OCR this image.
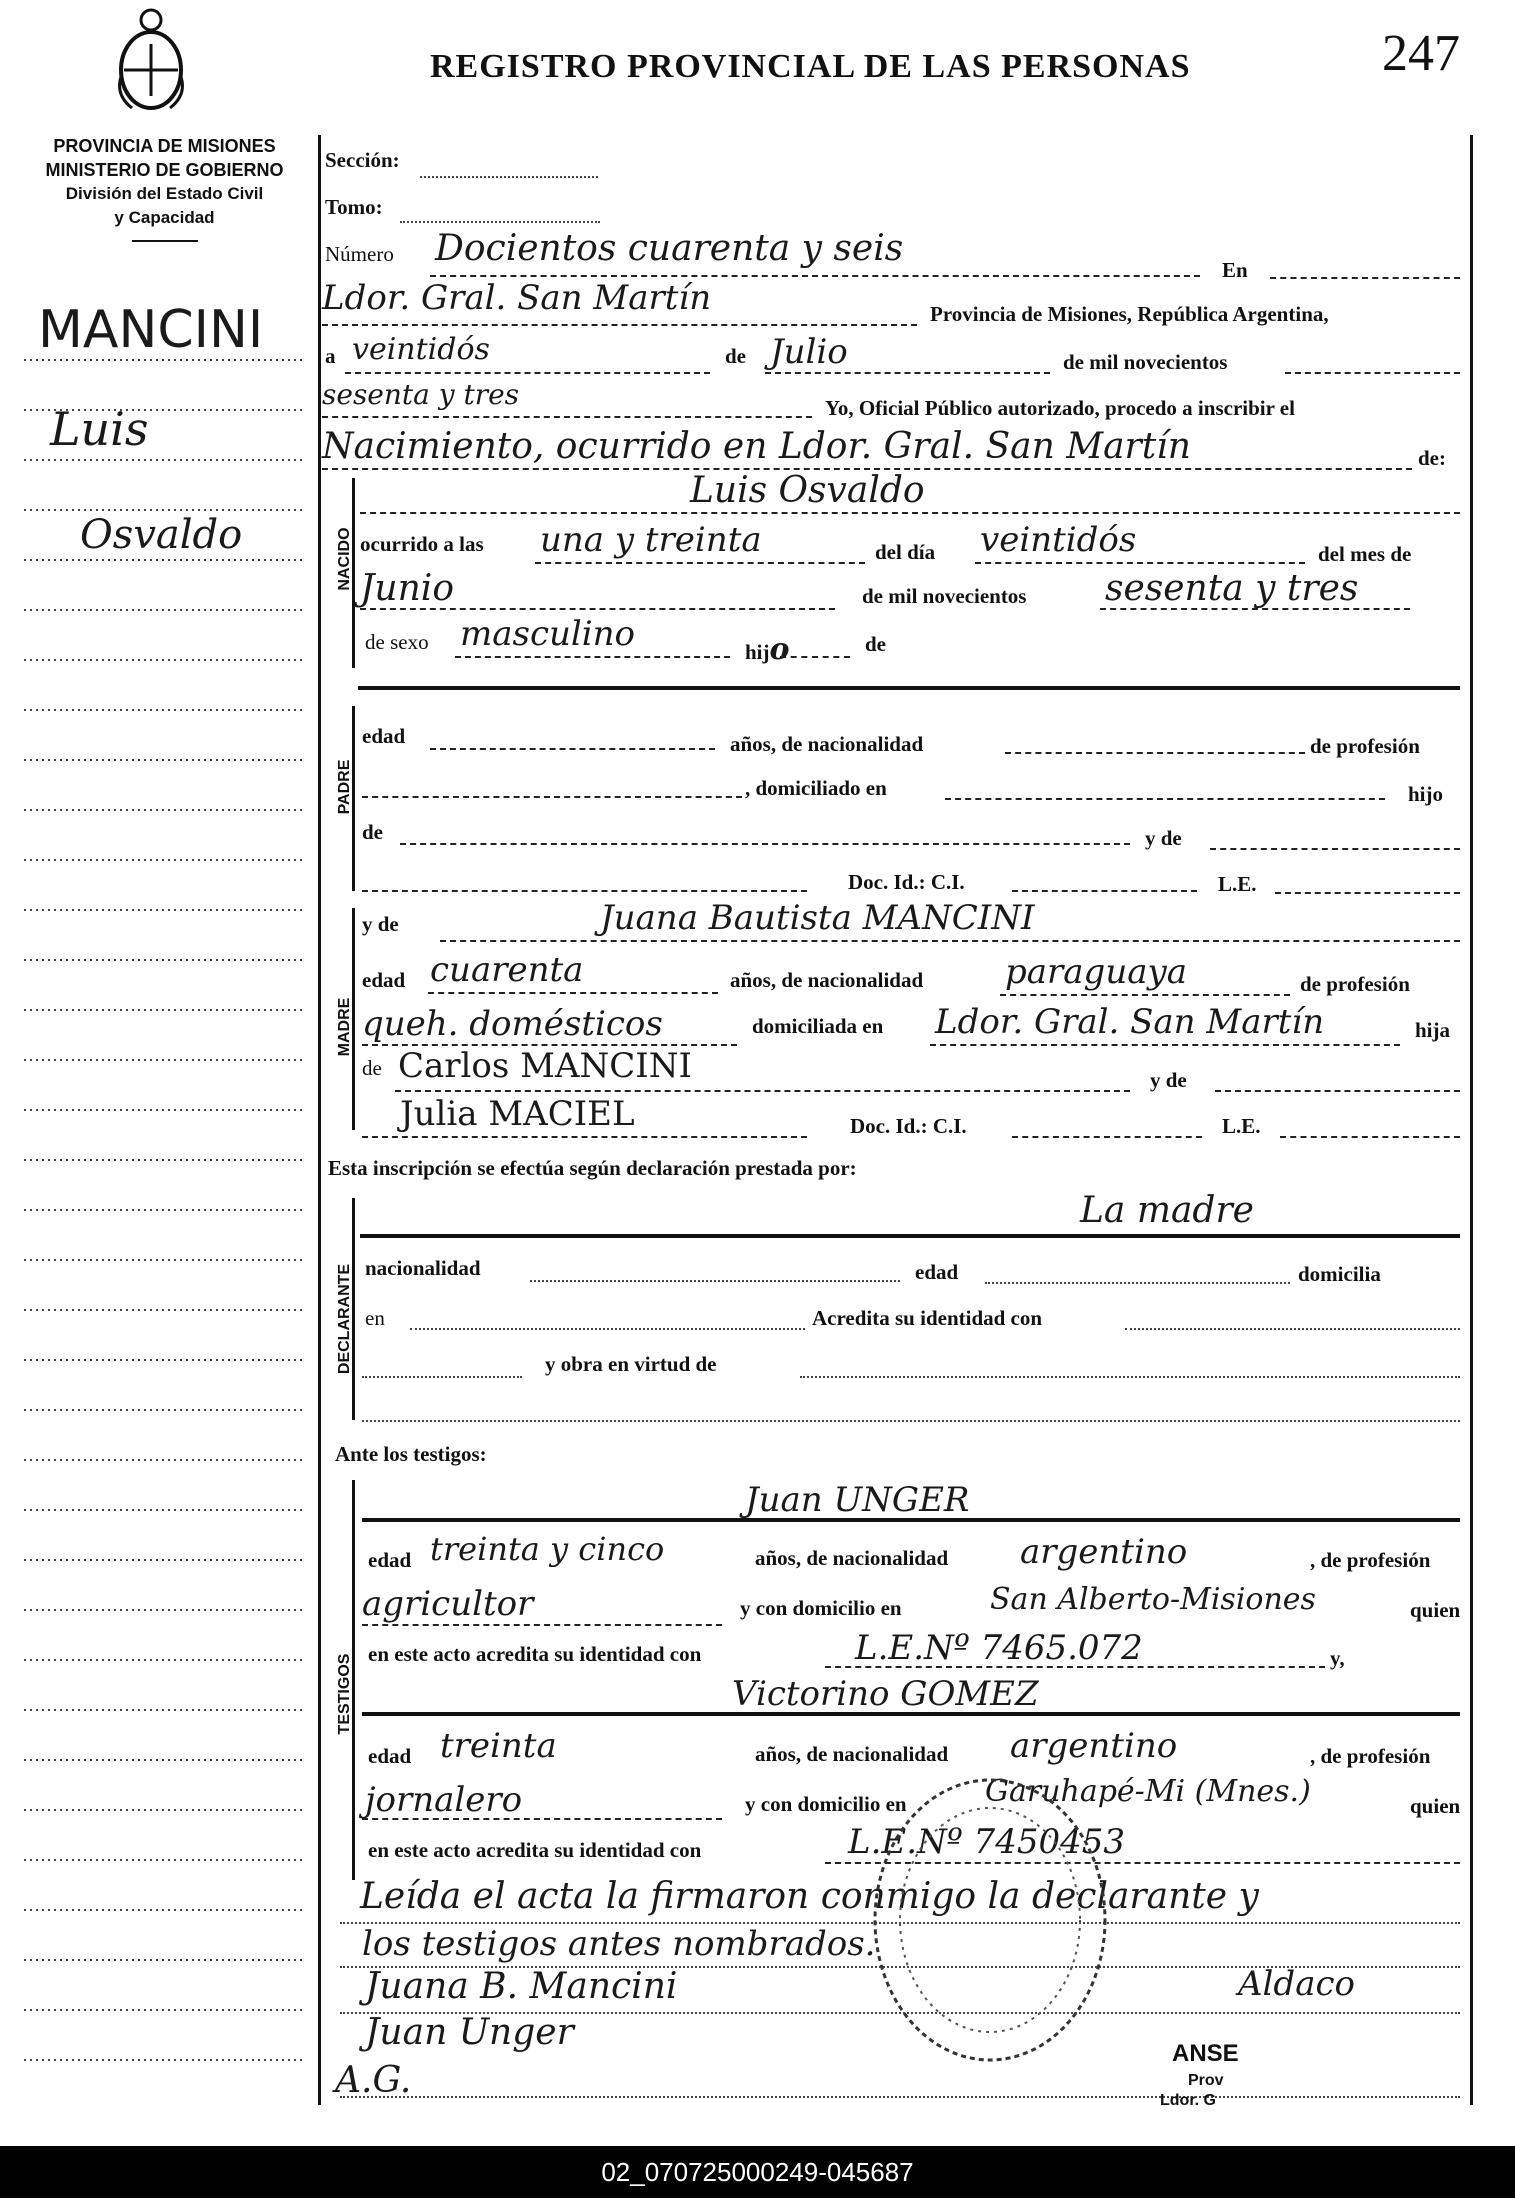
REGISTRO PROVINCIAL DE LAS PERSONAS	247
PROVINCIA DE MISIONES
MINISTERIO DE GOBIERNO
División del Estado Civil
y Capacidad
MANCINI
Luis
Osvaldo
Sección:
Tomo:
Número Docientos cuarenta y seis
En
Ldor. Gral. San Martín	Provincia de Misiones, República Argentina,
a veintidós	de Julio	de mil novecientos
sesenta y tres	Yo, Oficial Público autorizado, procedo a inscribir el
Nacimiento, ocurrido en Ldor. Gral. San Martín	de:
NACIDO
Luis Osvaldo
ocurrido a las una y treinta	del día veintidós	del mes de
Junio	de mil novecientos sesenta y tres
de sexo masculino	hijo	de
PADRE
edad	años, de nacionalidad	de profesión
, domiciliado en	hijo
de	y de
Doc. Id.: C.I.	L.E.
MADRE
y de	Juana Bautista MANCINI
edad cuarenta	años, de nacionalidad paraguaya	de profesión
queh. domésticos	domiciliada en Ldor. Gral. San Martín	hija
de Carlos MANCINI	y de
Julia MACIEL	Doc. Id.: C.I.	L.E.
Esta inscripción se efectúa según declaración prestada por:
DECLARANTE
La madre
nacionalidad	edad	domicilia
en	Acredita su identidad con
y obra en virtud de
Ante los testigos:
TESTIGOS
Juan UNGER
edad treinta y cinco	años, de nacionalidad argentino	, de profesión
agricultor	y con domicilio en	San Alberto-Misiones	quien
en este acto acredita su identidad con	L.E.Nº 7465.072	y,
Victorino GOMEZ
edad treinta	años, de nacionalidad argentino	, de profesión
jornalero	y con domicilio en	Garuhapé-Mi (Mnes.)	quien
en este acto acredita su identidad con	L.E.Nº 7450453
Leída el acta la firmaron conmigo la declarante y
los testigos antes nombrados.
Juana B. Mancini
Juan Unger
Aldaco
A.G.
ANSE
Prov
Ldor. G
02_070725000249-045687
